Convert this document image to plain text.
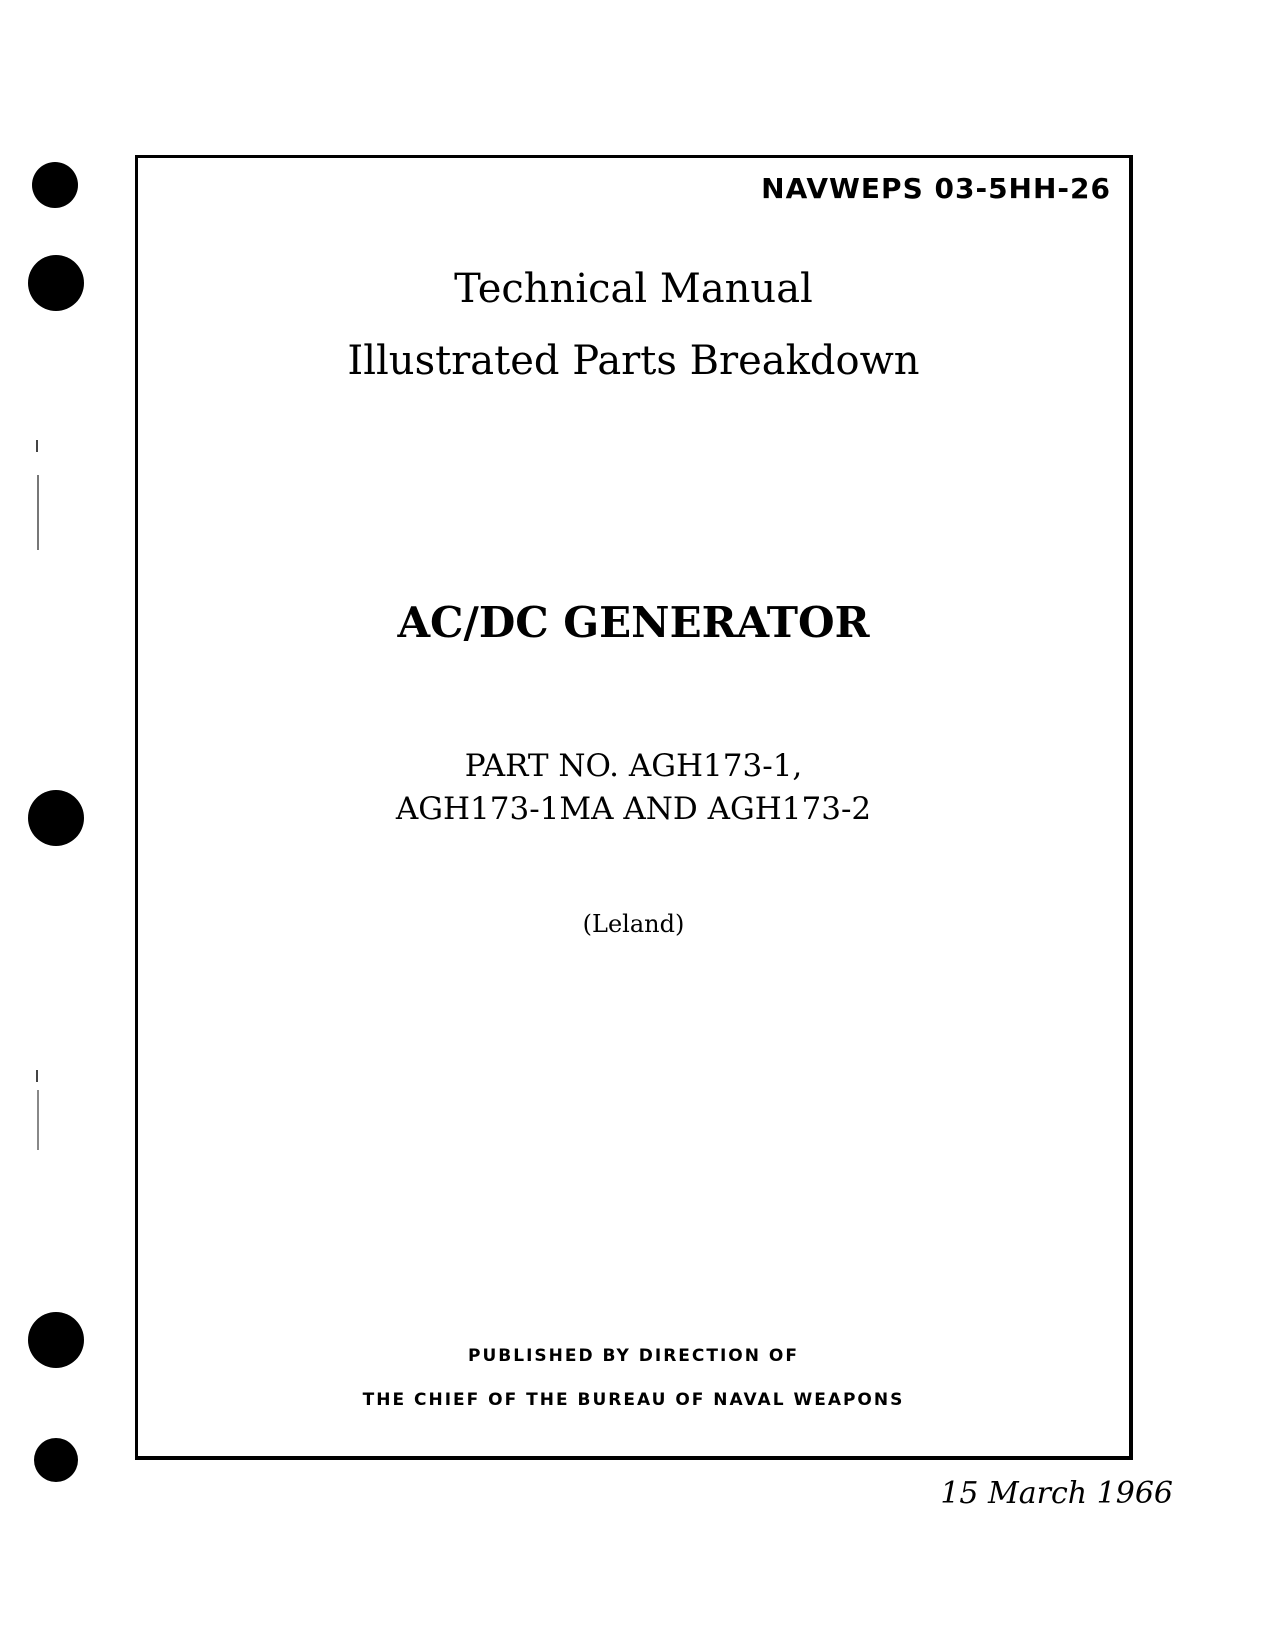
NAVWEPS 03-5HH-26
Technical Manual
Illustrated Parts Breakdown
AC/DC GENERATOR
PART NO. AGH173-1,
AGH173-1MA AND AGH173-2
(Leland)
PUBLISHED BY DIRECTION OF
THE CHIEF OF THE BUREAU OF NAVAL WEAPONS
15 March 1966
